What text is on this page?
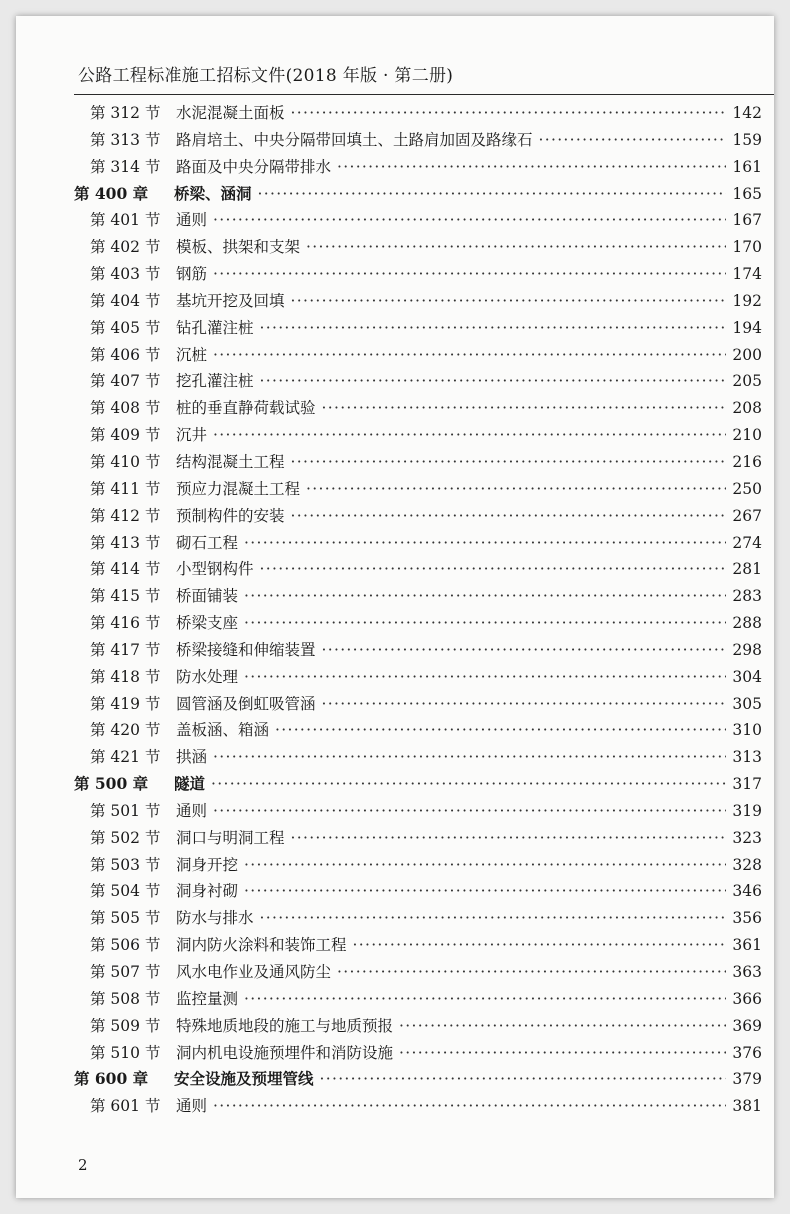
公路工程标准施工招标文件(2018 年版 · 第二册)
第 312 节	水泥混凝土面板 ·····	142
第 313 节	路肩培土、中央分隔带回填土、土路肩加固及路缘石 ·····	159
第 314 节	路面及中央分隔带排水 ·····	161
第 400 章	桥梁、涵洞 ·····	165
第 401 节	通则 ·····	167
第 402 节	模板、拱架和支架 ·····	170
第 403 节	钢筋 ·····	174
第 404 节	基坑开挖及回填 ·····	192
第 405 节	钻孔灌注桩 ·····	194
第 406 节	沉桩 ·····	200
第 407 节	挖孔灌注桩 ·····	205
第 408 节	桩的垂直静荷载试验 ·····	208
第 409 节	沉井 ·····	210
第 410 节	结构混凝土工程 ·····	216
第 411 节	预应力混凝土工程 ·····	250
第 412 节	预制构件的安装 ·····	267
第 413 节	砌石工程 ·····	274
第 414 节	小型钢构件 ·····	281
第 415 节	桥面铺装 ·····	283
第 416 节	桥梁支座 ·····	288
第 417 节	桥梁接缝和伸缩装置 ·····	298
第 418 节	防水处理 ·····	304
第 419 节	圆管涵及倒虹吸管涵 ·····	305
第 420 节	盖板涵、箱涵 ·····	310
第 421 节	拱涵 ·····	313
第 500 章	隧道 ·····	317
第 501 节	通则 ·····	319
第 502 节	洞口与明洞工程 ·····	323
第 503 节	洞身开挖 ·····	328
第 504 节	洞身衬砌 ·····	346
第 505 节	防水与排水 ·····	356
第 506 节	洞内防火涂料和装饰工程 ·····	361
第 507 节	风水电作业及通风防尘 ·····	363
第 508 节	监控量测 ·····	366
第 509 节	特殊地质地段的施工与地质预报 ·····	369
第 510 节	洞内机电设施预埋件和消防设施 ·····	376
第 600 章	安全设施及预埋管线 ·····	379
第 601 节	通则 ·····	381
2
